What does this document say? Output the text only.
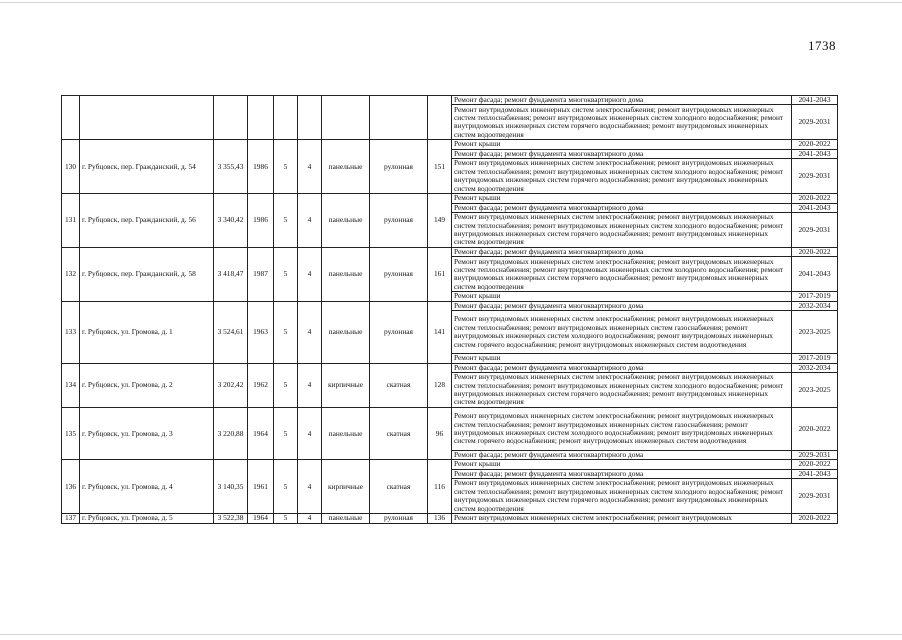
1738
									Ремонт фасада; ремонт фундамента многоквартирного дома	2041-2043
									Ремонт внутридомовых инженерных систем электроснабжения; ремонт внутридомовых инженерных систем теплоснабжения; ремонт внутридомовых инженерных систем холодного водоснабжения; ремонт внутридомовых инженерных систем горячего водоснабжения; ремонт внутридомовых инженерных систем водоотведения	2029-2031
130	г. Рубцовск, пер. Гражданский, д. 54	3 355,43	1986	5	4	панельные	рулонная	151	Ремонт крыши	2020-2022
									Ремонт фасада; ремонт фундамента многоквартирного дома	2041-2043
									Ремонт внутридомовых инженерных систем электроснабжения; ремонт внутридомовых инженерных систем теплоснабжения; ремонт внутридомовых инженерных систем холодного водоснабжения; ремонт внутридомовых инженерных систем горячего водоснабжения; ремонт внутридомовых инженерных систем водоотведения	2029-2031
131	г. Рубцовск, пер. Гражданский, д. 56	3 340,42	1986	5	4	панельные	рулонная	149	Ремонт крыши	2020-2022
									Ремонт фасада; ремонт фундамента многоквартирного дома	2041-2043
									Ремонт внутридомовых инженерных систем электроснабжения; ремонт внутридомовых инженерных систем теплоснабжения; ремонт внутридомовых инженерных систем холодного водоснабжения; ремонт внутридомовых инженерных систем горячего водоснабжения; ремонт внутридомовых инженерных систем водоотведения	2029-2031
132	г. Рубцовск, пер. Гражданский, д. 58	3 418,47	1987	5	4	панельные	рулонная	161	Ремонт фасада; ремонт фундамента многоквартирного дома	2020-2022
									Ремонт внутридомовых инженерных систем электроснабжения; ремонт внутридомовых инженерных систем теплоснабжения; ремонт внутридомовых инженерных систем холодного водоснабжения; ремонт внутридомовых инженерных систем горячего водоснабжения; ремонт внутридомовых инженерных систем водоотведения	2041-2043
									Ремонт крыши	2017-2019
133	г. Рубцовск, ул. Громова, д. 1	3 524,61	1963	5	4	панельные	рулонная	141	Ремонт фасада; ремонт фундамента многоквартирного дома	2032-2034
									Ремонт внутридомовых инженерных систем электроснабжения; ремонт внутридомовых инженерных систем теплоснабжения; ремонт внутридомовых инженерных систем газоснабжения; ремонт внутридомовых инженерных систем холодного водоснабжения; ремонт внутридомовых инженерных систем горячего водоснабжения; ремонт внутридомовых инженерных систем водоотведения	2023-2025
									Ремонт крыши	2017-2019
134	г. Рубцовск, ул. Громова, д. 2	3 202,42	1962	5	4	кирпичные	скатная	128	Ремонт фасада; ремонт фундамента многоквартирного дома	2032-2034
									Ремонт внутридомовых инженерных систем электроснабжения; ремонт внутридомовых инженерных систем теплоснабжения; ремонт внутридомовых инженерных систем холодного водоснабжения; ремонт внутридомовых инженерных систем горячего водоснабжения; ремонт внутридомовых инженерных систем водоотведения	2023-2025
135	г. Рубцовск, ул. Громова, д. 3	3 220,88	1964	5	4	панельные	скатная	96	Ремонт внутридомовых инженерных систем электроснабжения; ремонт внутридомовых инженерных систем теплоснабжения; ремонт внутридомовых инженерных систем газоснабжения; ремонт внутридомовых инженерных систем холодного водоснабжения; ремонт внутридомовых инженерных систем горячего водоснабжения; ремонт внутридомовых инженерных систем водоотведения	2020-2022
									Ремонт фасада; ремонт фундамента многоквартирного дома	2029-2031
136	г. Рубцовск, ул. Громова, д. 4	3 140,35	1961	5	4	кирпичные	скатная	116	Ремонт крыши	2020-2022
									Ремонт фасада; ремонт фундамента многоквартирного дома	2041-2043
									Ремонт внутридомовых инженерных систем электроснабжения; ремонт внутридомовых инженерных систем теплоснабжения; ремонт внутридомовых инженерных систем холодного водоснабжения; ремонт внутридомовых инженерных систем горячего водоснабжения; ремонт внутридомовых инженерных систем водоотведения	2029-2031
137	г. Рубцовск, ул. Громова, д. 5	3 522,38	1964	5	4	панельные	рулонная	136	Ремонт внутридомовых инженерных систем электроснабжения; ремонт внутридомовых	2020-2022
